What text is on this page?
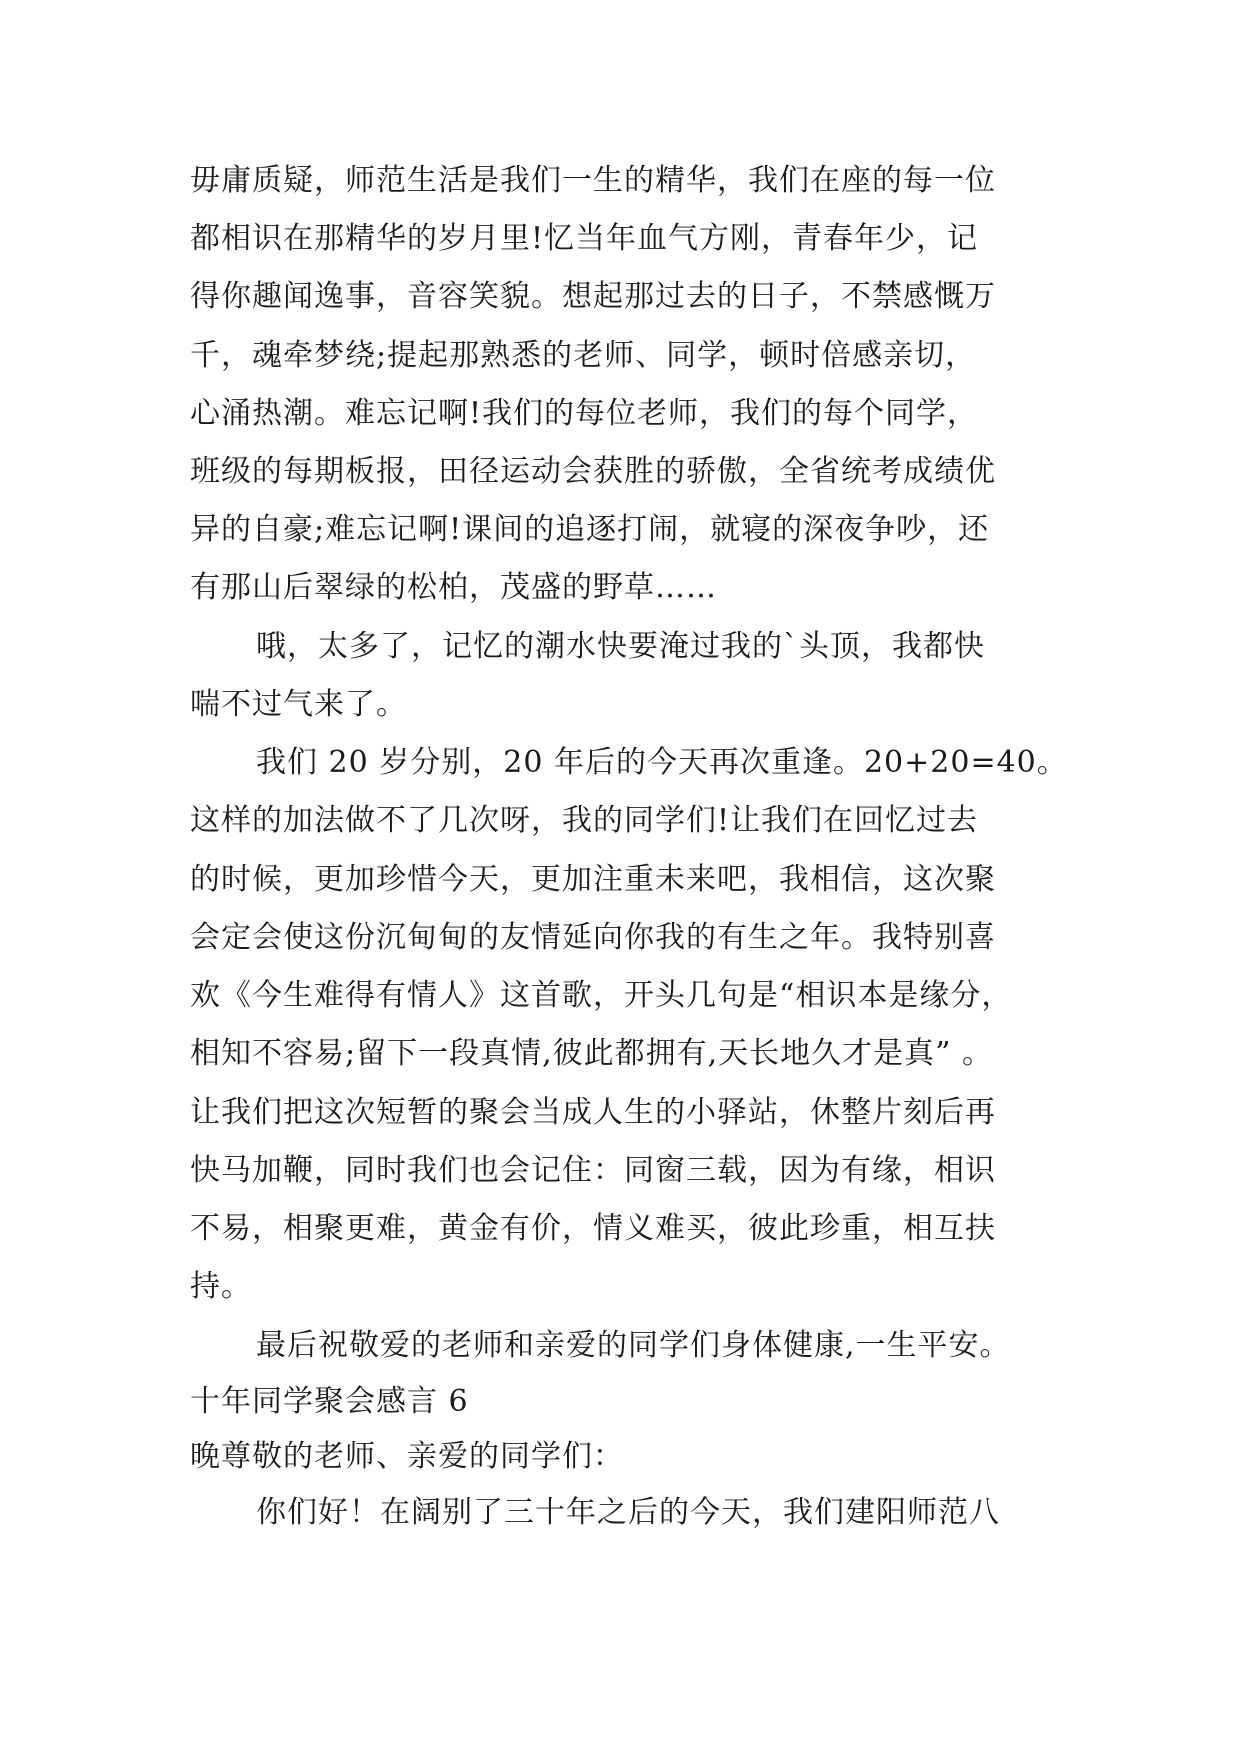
毋庸质疑，师范生活是我们一生的精华，我们在座的每一位
都相识在那精华的岁月里!忆当年血气方刚，青春年少，记
得你趣闻逸事，音容笑貌。想起那过去的日子，不禁感慨万
千，魂牵梦绕;提起那熟悉的老师、同学，顿时倍感亲切，
心涌热潮。难忘记啊!我们的每位老师，我们的每个同学，
班级的每期板报，田径运动会获胜的骄傲，全省统考成绩优
异的自豪;难忘记啊!课间的追逐打闹，就寝的深夜争吵，还
有那山后翠绿的松柏，茂盛的野草……
哦，太多了，记忆的潮水快要淹过我的`头顶，我都快
喘不过气来了。
我们 20 岁分别，20 年后的今天再次重逢。20+20=40。
这样的加法做不了几次呀，我的同学们!让我们在回忆过去
的时候，更加珍惜今天，更加注重未来吧，我相信，这次聚
会定会使这份沉甸甸的友情延向你我的有生之年。我特别喜
欢《今生难得有情人》这首歌，开头几句是“相识本是缘分，
相知不容易;留下一段真情,彼此都拥有,天长地久才是真” 。
让我们把这次短暂的聚会当成人生的小驿站，休整片刻后再
快马加鞭，同时我们也会记住：同窗三载，因为有缘，相识
不易，相聚更难，黄金有价，情义难买，彼此珍重，相互扶
持。
最后祝敬爱的老师和亲爱的同学们身体健康,一生平安。
十年同学聚会感言 6
晚尊敬的老师、亲爱的同学们：
你们好！在阔别了三十年之后的今天，我们建阳师范八
